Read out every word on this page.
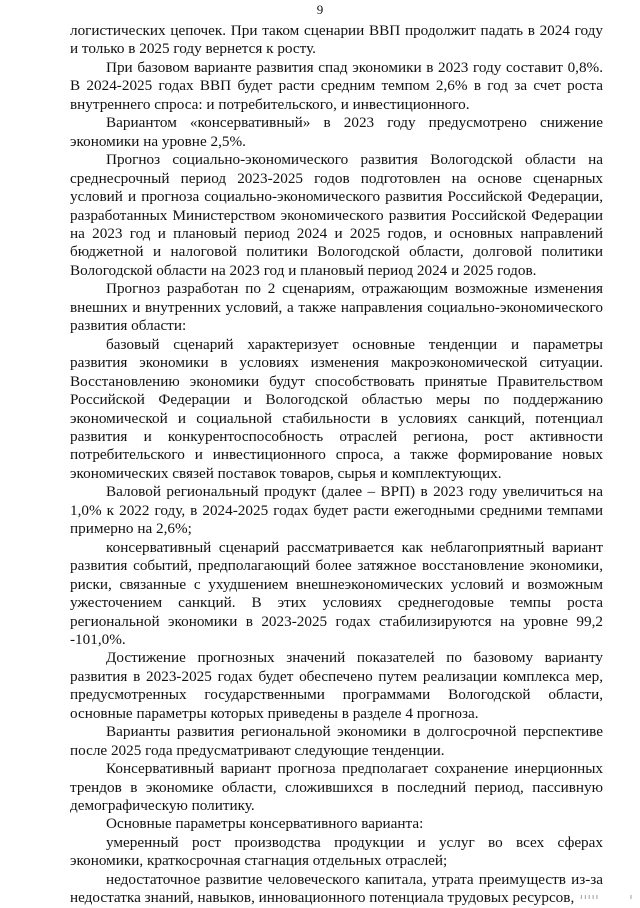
9

логистических цепочек. При таком сценарии ВВП продолжит падать в 2024 году и только в 2025 году вернется к росту.

При базовом варианте развития спад экономики в 2023 году составит 0,8%. В 2024-2025 годах ВВП будет расти средним темпом 2,6% в год за счет роста внутреннего спроса: и потребительского, и инвестиционного.

Вариантом «консервативный» в 2023 году предусмотрено снижение экономики на уровне 2,5%.

Прогноз социально-экономического развития Вологодской области на среднесрочный период 2023-2025 годов подготовлен на основе сценарных условий и прогноза социально-экономического развития Российской Федерации, разработанных Министерством экономического развития Российской Федерации на 2023 год и плановый период 2024 и 2025 годов, и основных направлений бюджетной и налоговой политики Вологодской области, долговой политики Вологодской области на 2023 год и плановый период 2024 и 2025 годов.

Прогноз разработан по 2 сценариям, отражающим возможные изменения внешних и внутренних условий, а также направления социально-экономического развития области:

базовый сценарий характеризует основные тенденции и параметры развития экономики в условиях изменения макроэкономической ситуации. Восстановлению экономики будут способствовать принятые Правительством Российской Федерации и Вологодской областью меры по поддержанию экономической и социальной стабильности в условиях санкций, потенциал развития и конкурентоспособность отраслей региона, рост активности потребительского и инвестиционного спроса, а также формирование новых экономических связей поставок товаров, сырья и комплектующих.

Валовой региональный продукт (далее – ВРП) в 2023 году увеличиться на 1,0% к 2022 году, в 2024-2025 годах будет расти ежегодными средними темпами примерно на 2,6%;

консервативный сценарий рассматривается как неблагоприятный вариант развития событий, предполагающий более затяжное восстановление экономики, риски, связанные с ухудшением внешнеэкономических условий и возможным ужесточением санкций. В этих условиях среднегодовые темпы роста региональной экономики в 2023-2025 годах стабилизируются на уровне 99,2 -101,0%.

Достижение прогнозных значений показателей по базовому варианту развития в 2023-2025 годах будет обеспечено путем реализации комплекса мер, предусмотренных государственными программами Вологодской области, основные параметры которых приведены в разделе 4 прогноза.

Варианты развития региональной экономики в долгосрочной перспективе после 2025 года предусматривают следующие тенденции.

Консервативный вариант прогноза предполагает сохранение инерционных трендов в экономике области, сложившихся в последний период, пассивную демографическую политику.

Основные параметры консервативного варианта:

умеренный рост производства продукции и услуг во всех сферах экономики, краткосрочная стагнация отдельных отраслей;

недостаточное развитие человеческого капитала, утрата преимуществ из-за недостатка знаний, навыков, инновационного потенциала трудовых ресурсов, ııııı	ı
